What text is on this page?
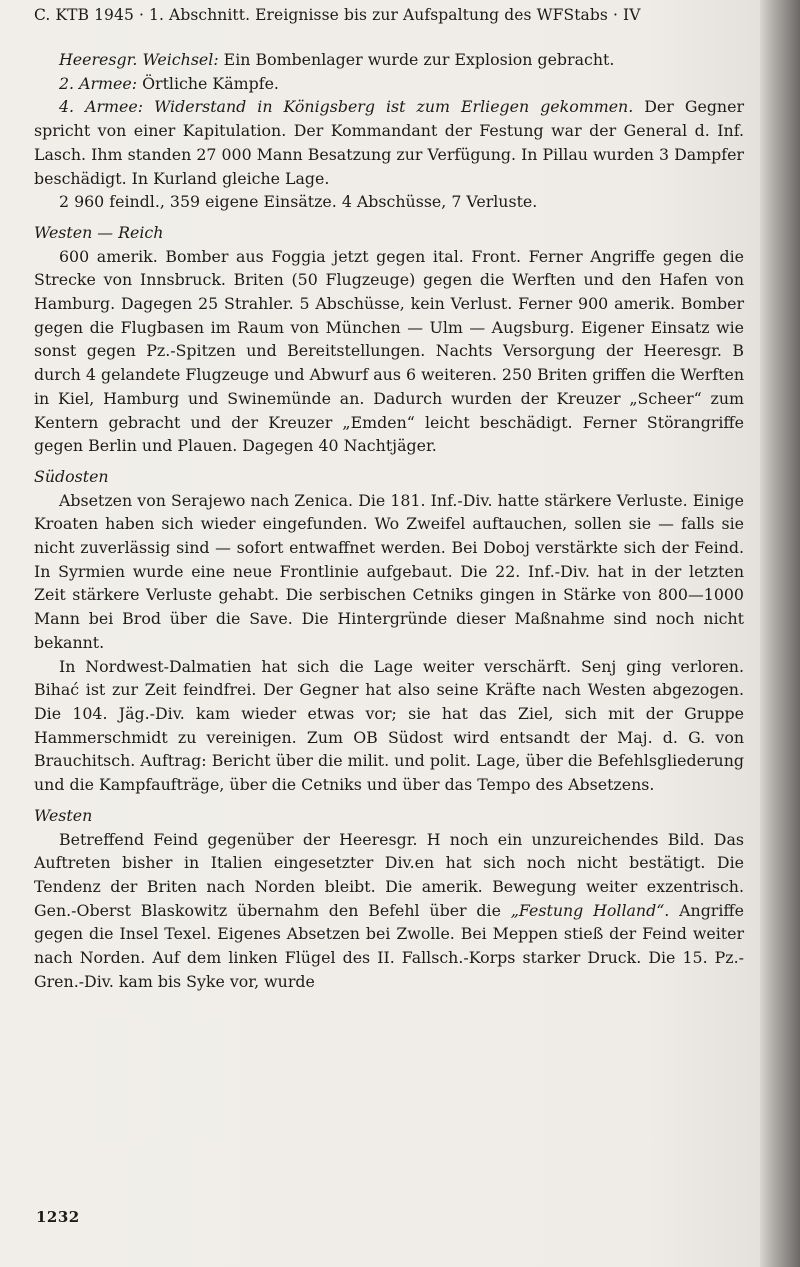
C. KTB 1945 · 1. Abschnitt. Ereignisse bis zur Aufspaltung des WFStabs · IV

Heeresgr. Weichsel: Ein Bombenlager wurde zur Explosion gebracht.

2. Armee: Örtliche Kämpfe.

4. Armee: Widerstand in Königsberg ist zum Erliegen gekommen. Der Gegner spricht von einer Kapitulation. Der Kommandant der Festung war der General d. Inf. Lasch. Ihm standen 27 000 Mann Besatzung zur Verfügung. In Pillau wurden 3 Dampfer beschädigt. In Kurland gleiche Lage.

2 960 feindl., 359 eigene Einsätze. 4 Abschüsse, 7 Verluste.

Westen — Reich

600 amerik. Bomber aus Foggia jetzt gegen ital. Front. Ferner Angriffe gegen die Strecke von Innsbruck. Briten (50 Flugzeuge) gegen die Werften und den Hafen von Hamburg. Dagegen 25 Strahler. 5 Abschüsse, kein Verlust. Ferner 900 amerik. Bomber gegen die Flugbasen im Raum von München — Ulm — Augsburg. Eigener Einsatz wie sonst gegen Pz.-Spitzen und Bereitstellungen. Nachts Versorgung der Heeresgr. B durch 4 gelandete Flugzeuge und Abwurf aus 6 weiteren. 250 Briten griffen die Werften in Kiel, Hamburg und Swinemünde an. Dadurch wurden der Kreuzer „Scheer“ zum Kentern gebracht und der Kreuzer „Emden“ leicht beschädigt. Ferner Störangriffe gegen Berlin und Plauen. Dagegen 40 Nachtjäger.

Südosten

Absetzen von Serajewo nach Zenica. Die 181. Inf.-Div. hatte stärkere Verluste. Einige Kroaten haben sich wieder eingefunden. Wo Zweifel auftauchen, sollen sie — falls sie nicht zuverlässig sind — sofort entwaffnet werden. Bei Doboj verstärkte sich der Feind. In Syrmien wurde eine neue Frontlinie aufgebaut. Die 22. Inf.-Div. hat in der letzten Zeit stärkere Verluste gehabt. Die serbischen Cetniks gingen in Stärke von 800—1000 Mann bei Brod über die Save. Die Hintergründe dieser Maßnahme sind noch nicht bekannt.

In Nordwest-Dalmatien hat sich die Lage weiter verschärft. Senj ging verloren. Bihać ist zur Zeit feindfrei. Der Gegner hat also seine Kräfte nach Westen abgezogen. Die 104. Jäg.-Div. kam wieder etwas vor; sie hat das Ziel, sich mit der Gruppe Hammerschmidt zu vereinigen. Zum OB Südost wird entsandt der Maj. d. G. von Brauchitsch. Auftrag: Bericht über die milit. und polit. Lage, über die Befehlsgliederung und die Kampfaufträge, über die Cetniks und über das Tempo des Absetzens.

Westen

Betreffend Feind gegenüber der Heeresgr. H noch ein unzureichendes Bild. Das Auftreten bisher in Italien eingesetzter Div.en hat sich noch nicht bestätigt. Die Tendenz der Briten nach Norden bleibt. Die amerik. Bewegung weiter exzentrisch. Gen.-Oberst Blaskowitz übernahm den Befehl über die „Festung Holland“. Angriffe gegen die Insel Texel. Eigenes Absetzen bei Zwolle. Bei Meppen stieß der Feind weiter nach Norden. Auf dem linken Flügel des II. Fallsch.-Korps starker Druck. Die 15. Pz.-Gren.-Div. kam bis Syke vor, wurde

1232
